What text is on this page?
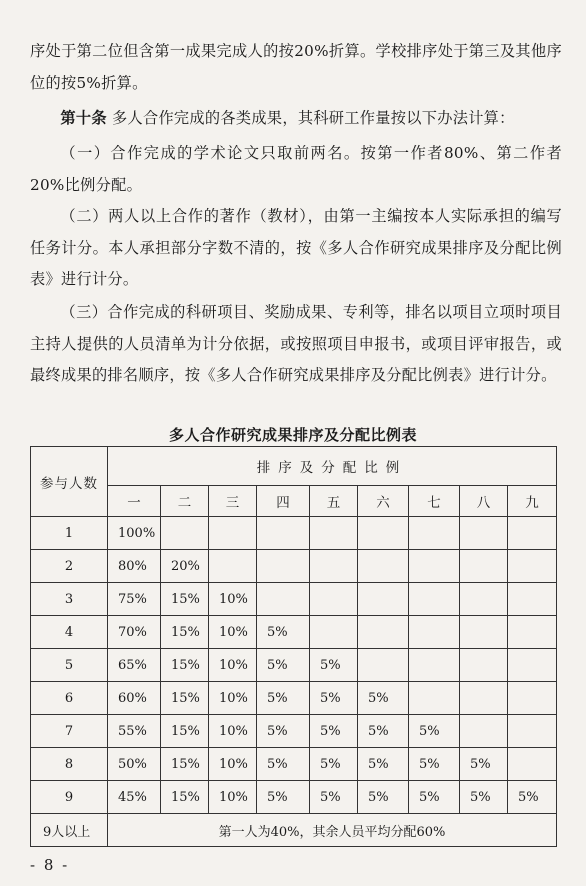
序处于第二位但含第一成果完成人的按20%折算。学校排序处于第三及其他序位的按5%折算。

第十条 多人合作完成的各类成果，其科研工作量按以下办法计算：

（一）合作完成的学术论文只取前两名。按第一作者80%、第二作者20%比例分配。

（二）两人以上合作的著作（教材），由第一主编按本人实际承担的编写任务计分。本人承担部分字数不清的，按《多人合作研究成果排序及分配比例表》进行计分。

（三）合作完成的科研项目、奖励成果、专利等，排名以项目立项时项目主持人提供的人员清单为计分依据，或按照项目申报书，或项目评审报告，或最终成果的排名顺序，按《多人合作研究成果排序及分配比例表》进行计分。

多人合作研究成果排序及分配比例表
参与人数	排序及分配比例								
	一	二	三	四	五	六	七	八	九
1	100%								
2	80%	20%							
3	75%	15%	10%						
4	70%	15%	10%	5%					
5	65%	15%	10%	5%	5%				
6	60%	15%	10%	5%	5%	5%			
7	55%	15%	10%	5%	5%	5%	5%		
8	50%	15%	10%	5%	5%	5%	5%	5%	
9	45%	15%	10%	5%	5%	5%	5%	5%	5%
9人以上	第一人为40%，其余人员平均分配60%								
- 8 -
